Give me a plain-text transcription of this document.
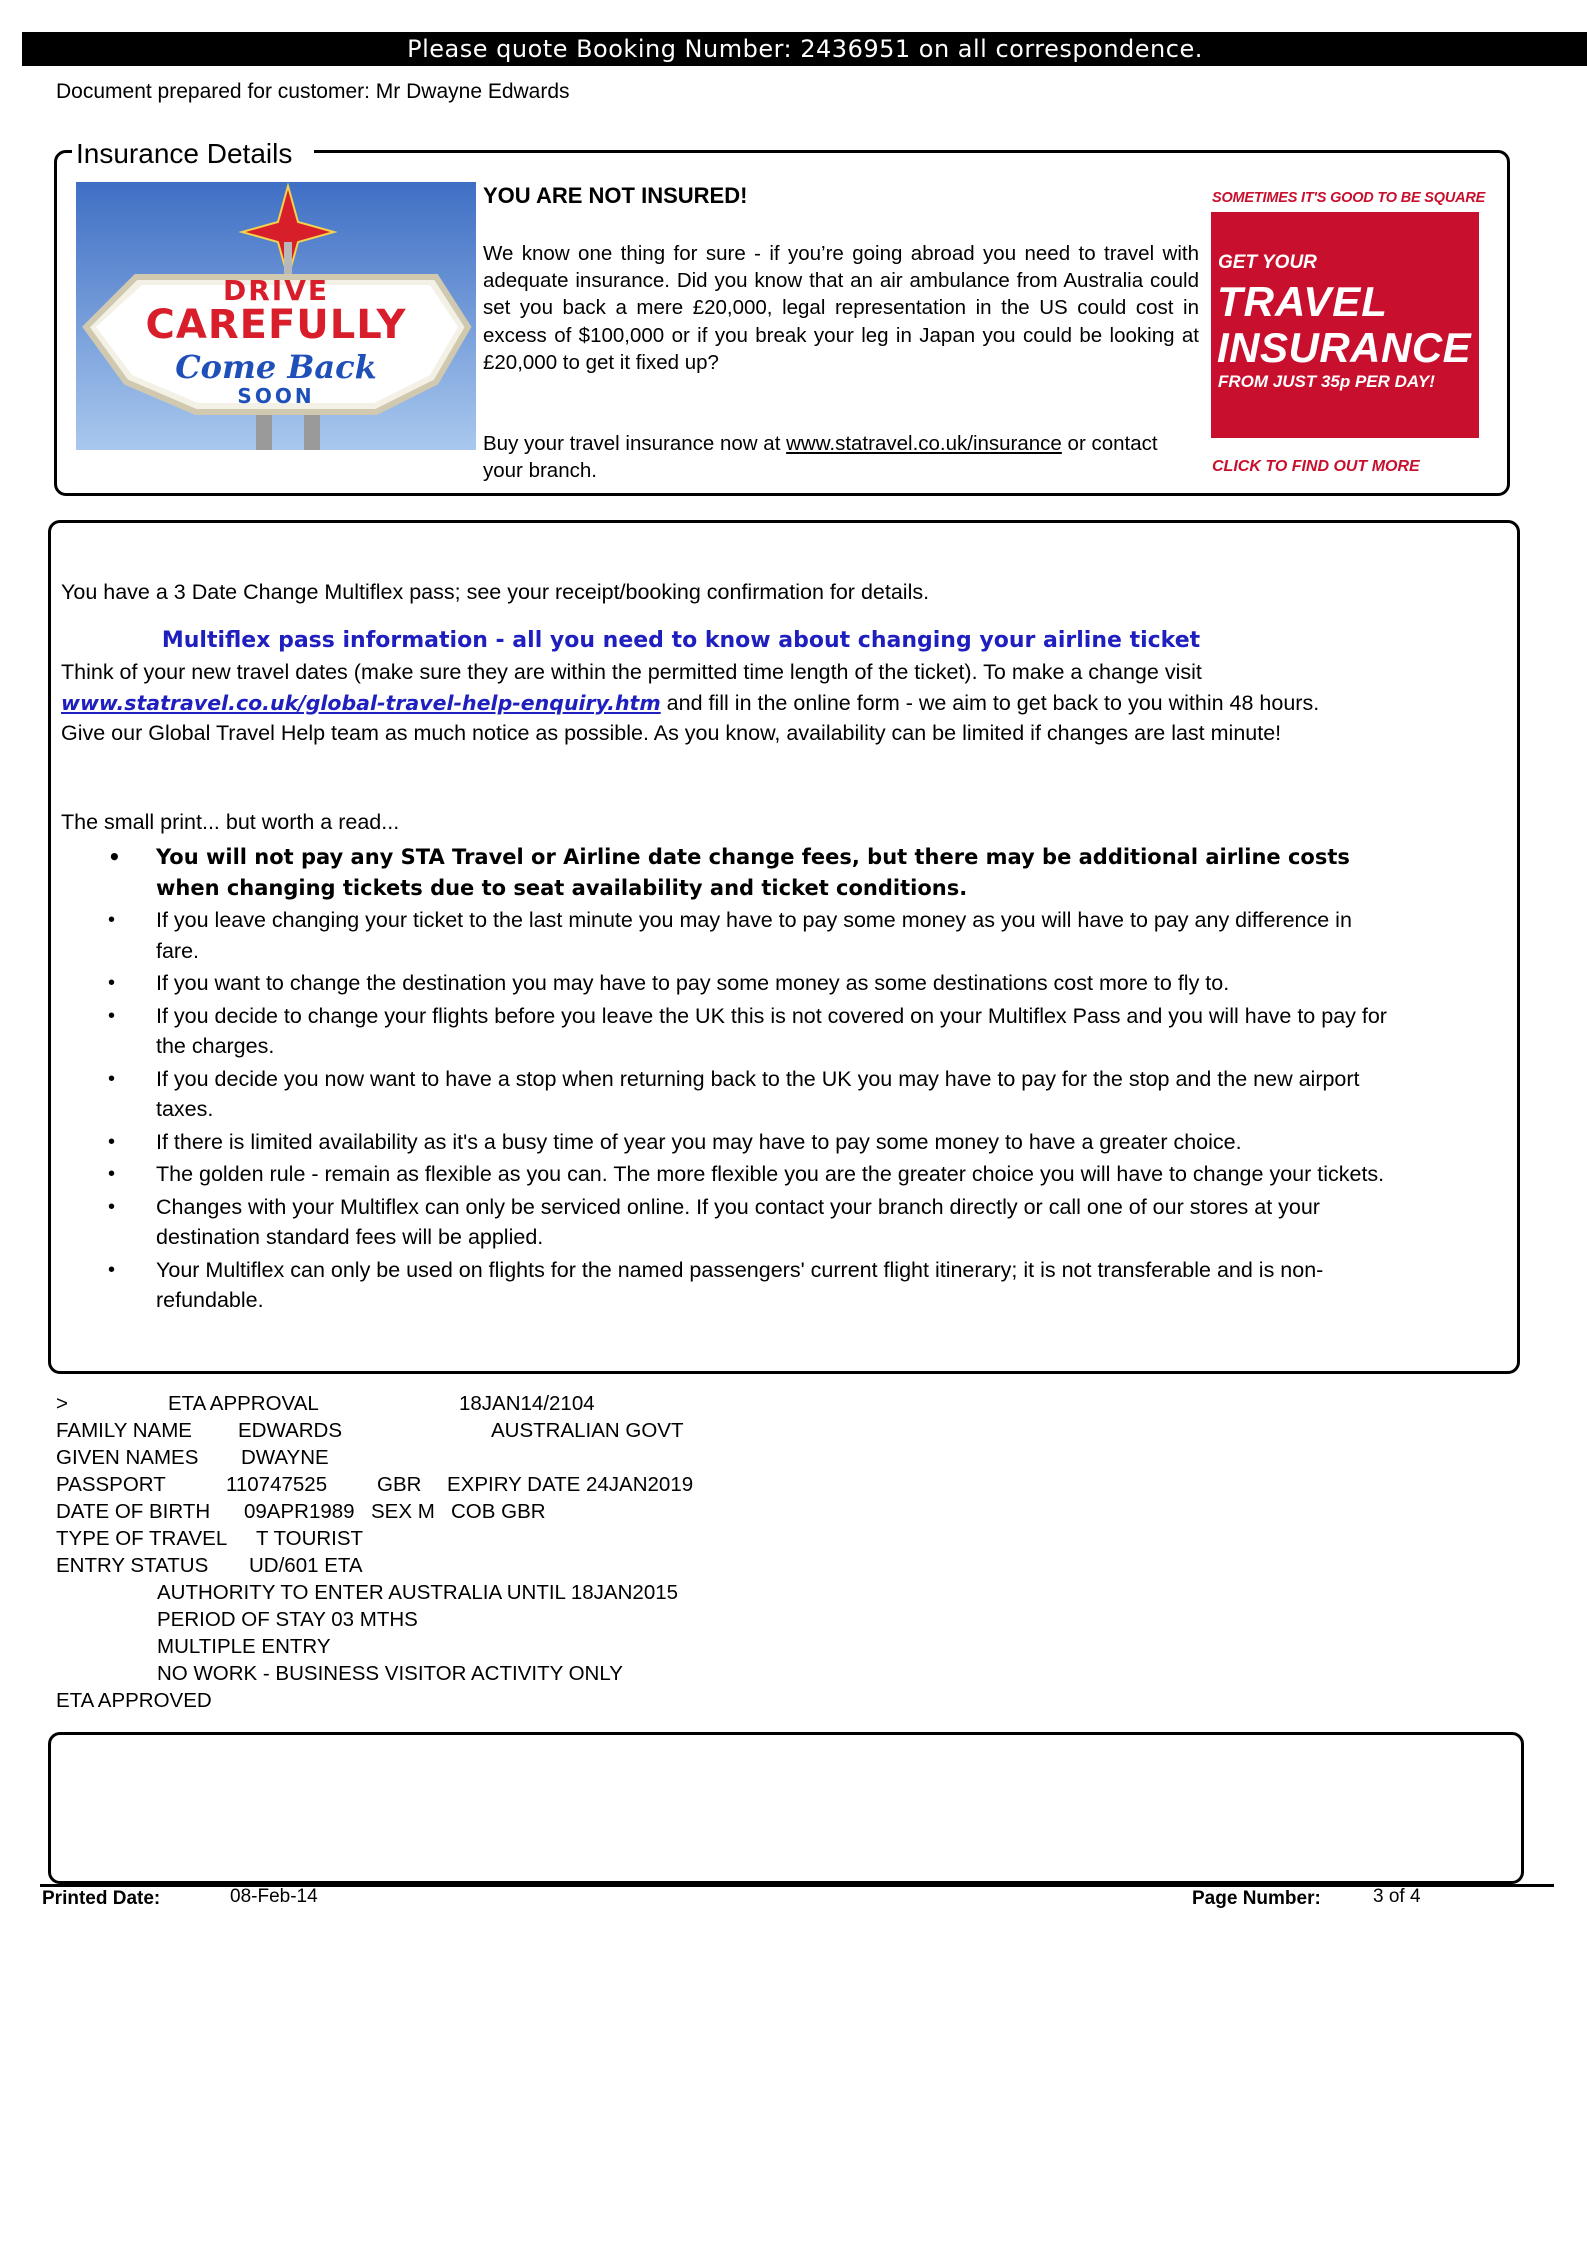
Please quote Booking Number: 2436951 on all correspondence.
Document prepared for customer: Mr Dwayne Edwards
Insurance Details
DRIVE
CAREFULLY
Come Back
SOON
YOU ARE NOT INSURED!

We know one thing for sure - if you’re going abroad you need to travel with adequate insurance. Did you know that an air ambulance from Australia could set you back a mere £20,000, legal representation in the US could cost in excess of $100,000 or if you break your leg in Japan you could be looking at £20,000 to get it fixed up?

Buy your travel insurance now at www.statravel.co.uk/insurance or contact your branch.

SOMETIMES IT'S GOOD TO BE SQUARE
GET YOUR
TRAVEL
INSURANCE
FROM JUST 35p PER DAY!
CLICK TO FIND OUT MORE
You have a 3 Date Change Multiflex pass; see your receipt/booking confirmation for details.
Multiflex pass information - all you need to know about changing your airline ticket

Think of your new travel dates (make sure they are within the permitted time length of the ticket). To make a change visit www.statravel.co.uk/global-travel-help-enquiry.htm and fill in the online form - we aim to get back to you within 48 hours. Give our Global Travel Help team as much notice as possible. As you know, availability can be limited if changes are last minute!

The small print... but worth a read...
• You will not pay any STA Travel or Airline date change fees, but there may be additional airline costs when changing tickets due to seat availability and ticket conditions.
• If you leave changing your ticket to the last minute you may have to pay some money as you will have to pay any difference in fare.
• If you want to change the destination you may have to pay some money as some destinations cost more to fly to.
• If you decide to change your flights before you leave the UK this is not covered on your Multiflex Pass and you will have to pay for the charges.
• If you decide you now want to have a stop when returning back to the UK you may have to pay for the stop and the new airport taxes.
• If there is limited availability as it's a busy time of year you may have to pay some money to have a greater choice.
• The golden rule - remain as flexible as you can. The more flexible you are the greater choice you will have to change your tickets.
• Changes with your Multiflex can only be serviced online. If you contact your branch directly or call one of our stores at your destination standard fees will be applied.
• Your Multiflex can only be used on flights for the named passengers' current flight itinerary; it is not transferable and is non-refundable.
>	ETA APPROVAL	18JAN14/2104
FAMILY NAME EDWARDS	AUSTRALIAN GOVT
GIVEN NAMES DWAYNE
PASSPORT	110747525 GBR EXPIRY DATE 24JAN2019
DATE OF BIRTH 09APR1989 SEX M COB GBR
TYPE OF TRAVEL T TOURIST
ENTRY STATUS UD/601 ETA
AUTHORITY TO ENTER AUSTRALIA UNTIL 18JAN2015
PERIOD OF STAY 03 MTHS
MULTIPLE ENTRY
NO WORK - BUSINESS VISITOR ACTIVITY ONLY
ETA APPROVED
Printed Date:	08-Feb-14	Page Number:	3 of 4
